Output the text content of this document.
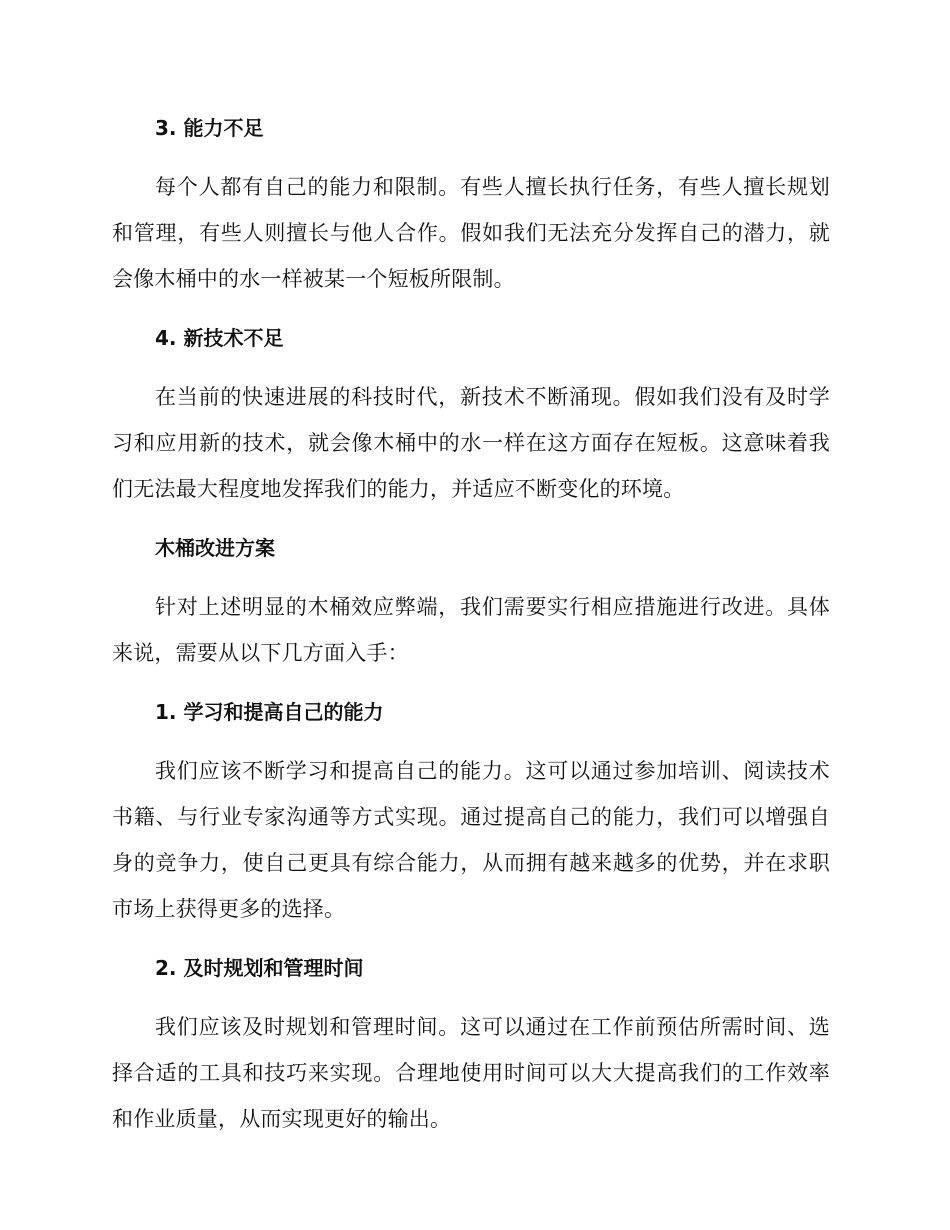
3. 能力不足

每个人都有自己的能力和限制。有些人擅长执行任务，有些人擅长规划和管理，有些人则擅长与他人合作。假如我们无法充分发挥自己的潜力，就会像木桶中的水一样被某一个短板所限制。

4. 新技术不足

在当前的快速进展的科技时代，新技术不断涌现。假如我们没有及时学习和应用新的技术，就会像木桶中的水一样在这方面存在短板。这意味着我们无法最大程度地发挥我们的能力，并适应不断变化的环境。

木桶改进方案

针对上述明显的木桶效应弊端，我们需要实行相应措施进行改进。具体来说，需要从以下几方面入手：

1. 学习和提高自己的能力

我们应该不断学习和提高自己的能力。这可以通过参加培训、阅读技术书籍、与行业专家沟通等方式实现。通过提高自己的能力，我们可以增强自身的竞争力，使自己更具有综合能力，从而拥有越来越多的优势，并在求职市场上获得更多的选择。

2. 及时规划和管理时间

我们应该及时规划和管理时间。这可以通过在工作前预估所需时间、选择合适的工具和技巧来实现。合理地使用时间可以大大提高我们的工作效率和作业质量，从而实现更好的输出。
